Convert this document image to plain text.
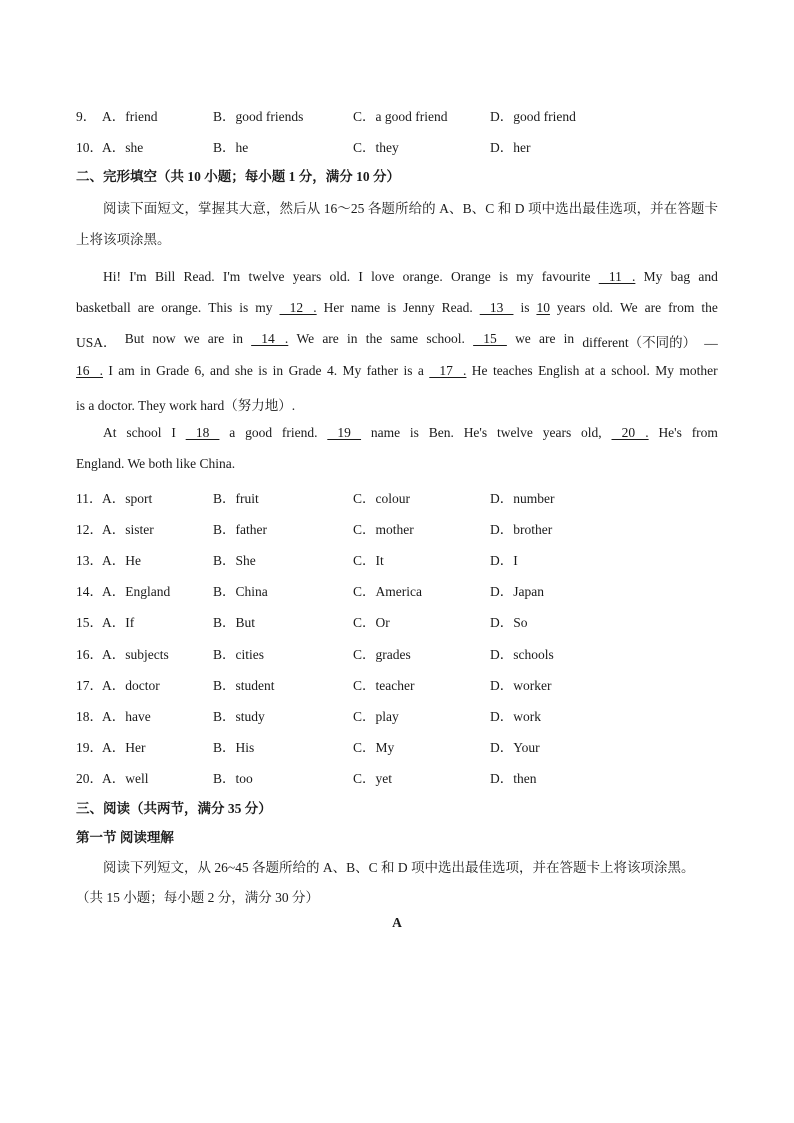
9． A．friend	B．good friends	C．a good friend	D．good friend
10． A．she	B．he	C．they	D．her
二、完形填空（共 10 小题；每小题 1 分，满分 10 分）
阅读下面短文，掌握其大意，然后从 16～25 各题所给的 A、B、C 和 D 项中选出最佳选项，并在答题卡上将该项涂黑。
Hi! I'm Bill Read. I'm twelve years old. I love orange. Orange is my favourite 11   . My bag and
basketball are orange. This is my 12   . Her name is Jenny Read. 13 is 10 years old. We are from the
USA． But now we are in 14   . We are in the same school. 15 we are in different（不同的） __
16   . I am in Grade 6, and she is in Grade 4. My father is a 17   . He teaches English at a school. My mother
is a doctor. They work hard（努力地）.
At school I 18 a good friend. 19 name is Ben. He's twelve years old, 20   . He's from
England. We both like China.
11． A．sport	B．fruit	C．colour	D．number
12． A．sister	B．father	C．mother	D．brother
13． A．He	B．She	C．It	D．I
14． A．England	B．China	C．America	D．Japan
15． A．If	B．But	C．Or	D．So
16． A．subjects	B．cities	C．grades	D．schools
17． A．doctor	B．student	C．teacher	D．worker
18． A．have	B．study	C．play	D．work
19． A．Her	B．His	C．My	D．Your
20． A．well	B．too	C．yet	D．then
三、阅读（共两节，满分 35 分）
第一节 阅读理解
阅读下列短文，从 26~45 各题所给的 A、B、C 和 D 项中选出最佳选项，并在答题卡上将该项涂黑。
（共 15 小题；每小题 2 分，满分 30 分）
A
